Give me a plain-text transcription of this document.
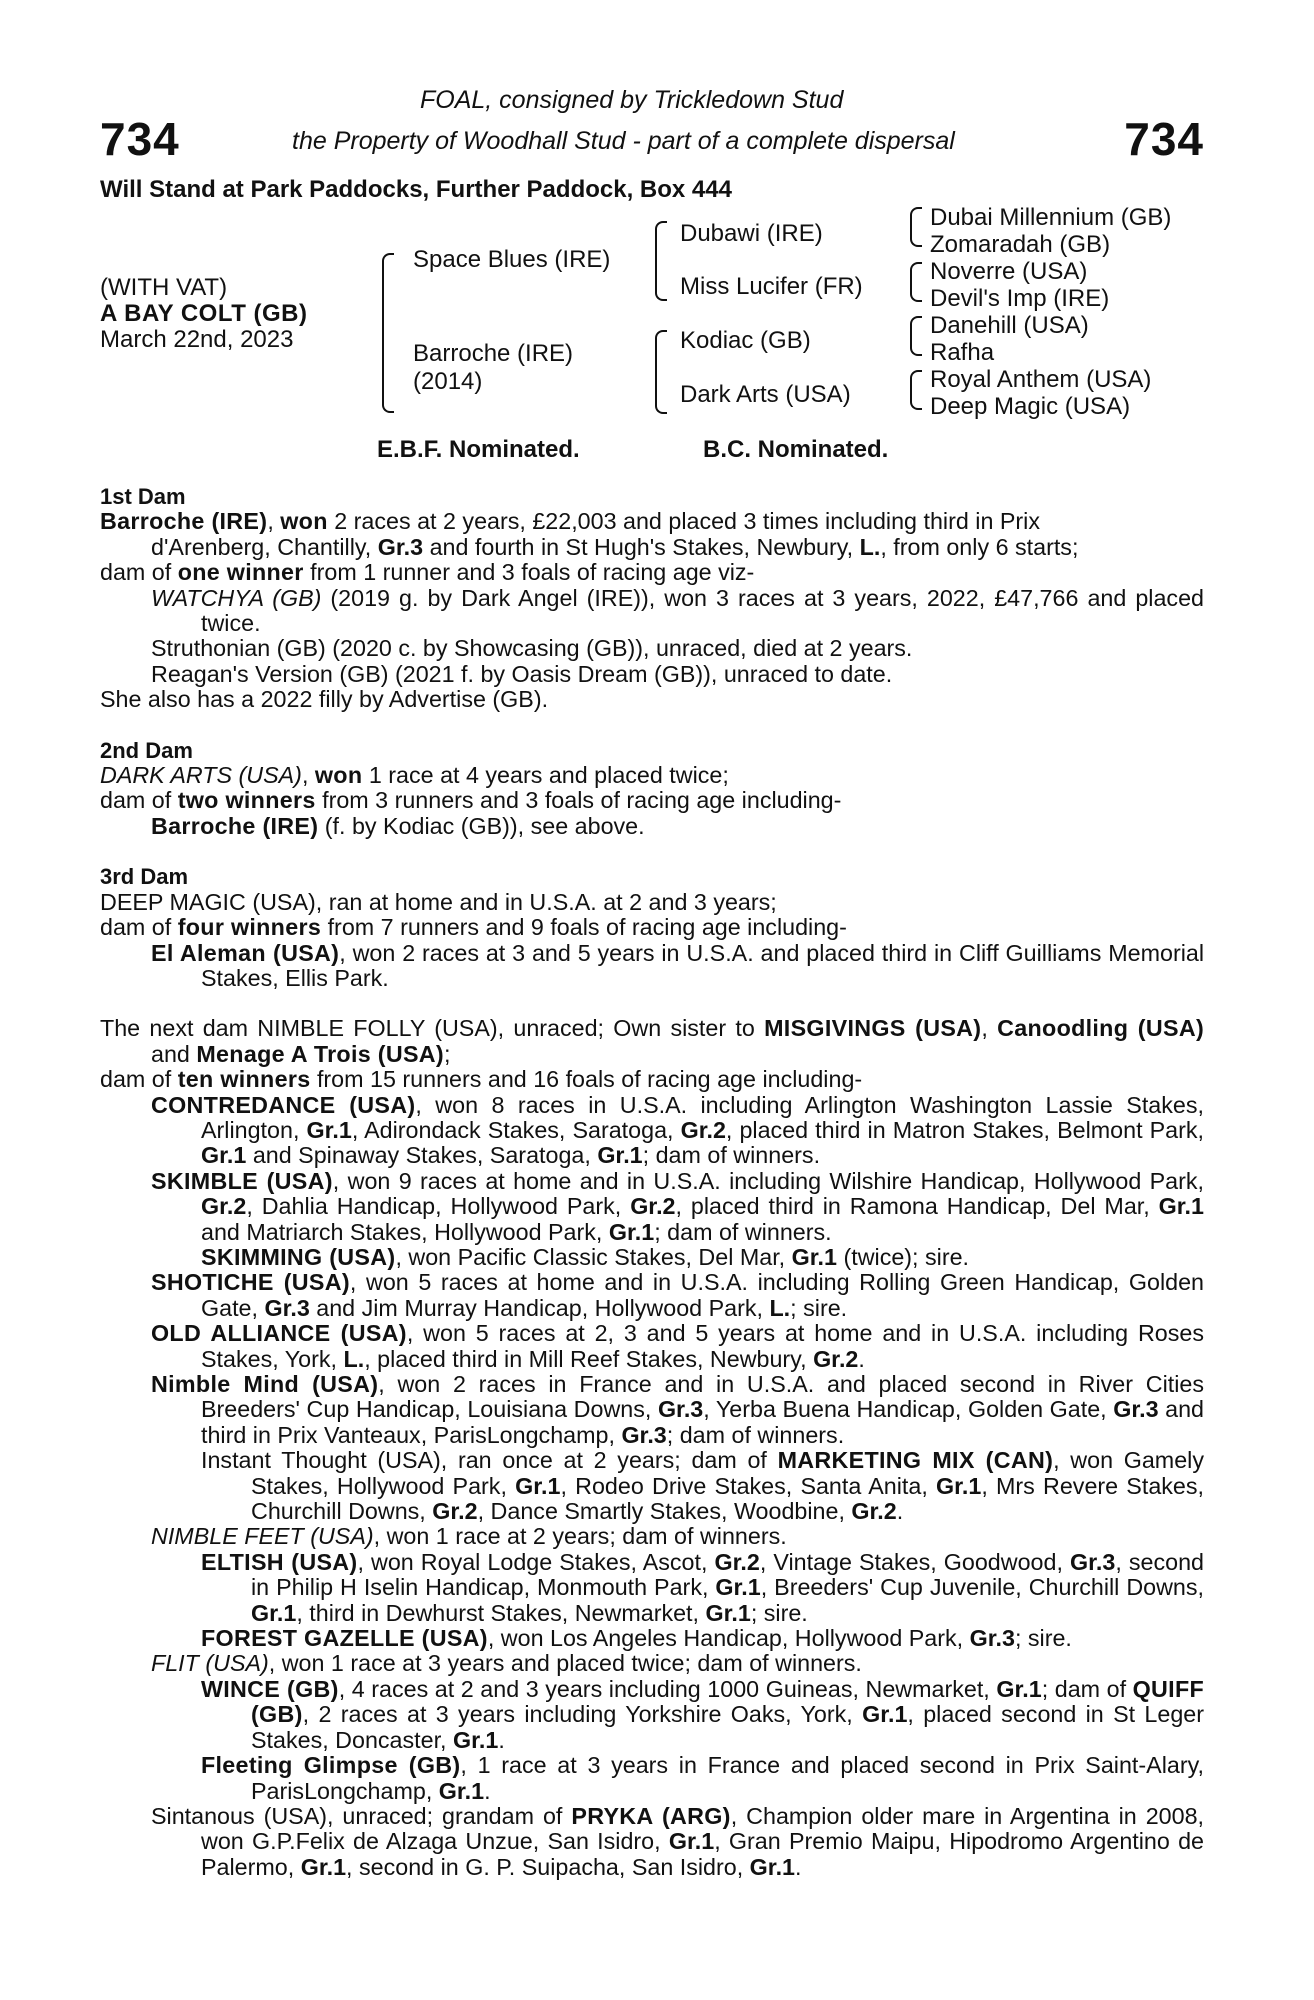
734	734
FOAL, consigned by Trickledown Stud
the Property of Woodhall Stud - part of a complete dispersal
Will Stand at Park Paddocks, Further Paddock, Box 444
(WITH VAT)
A BAY COLT (GB)
March 22nd, 2023
Space Blues (IRE)
Barroche (IRE)
(2014)
Dubawi (IRE)
Miss Lucifer (FR)
Kodiac (GB)
Dark Arts (USA)
Dubai Millennium (GB)
Zomaradah (GB)
Noverre (USA)
Devil's Imp (IRE)
Danehill (USA)
Rafha
Royal Anthem (USA)
Deep Magic (USA)
E.B.F. Nominated.	B.C. Nominated.

1st Dam

Barroche (IRE), won 2 races at 2 years, £22,003 and placed 3 times including third in Prix
d'Arenberg, Chantilly, Gr.3 and fourth in St Hugh's Stakes, Newbury, L., from only 6 starts;

dam of one winner from 1 runner and 3 foals of racing age viz-

WATCHYA (GB) (2019 g. by Dark Angel (IRE)), won 3 races at 3 years, 2022, £47,766 and placed twice.

Struthonian (GB) (2020 c. by Showcasing (GB)), unraced, died at 2 years.

Reagan's Version (GB) (2021 f. by Oasis Dream (GB)), unraced to date.

She also has a 2022 filly by Advertise (GB).

2nd Dam

DARK ARTS (USA), won 1 race at 4 years and placed twice;

dam of two winners from 3 runners and 3 foals of racing age including-

Barroche (IRE) (f. by Kodiac (GB)), see above.

3rd Dam

DEEP MAGIC (USA), ran at home and in U.S.A. at 2 and 3 years;

dam of four winners from 7 runners and 9 foals of racing age including-

El Aleman (USA), won 2 races at 3 and 5 years in U.S.A. and placed third in Cliff Guilliams Memorial Stakes, Ellis Park.

The next dam NIMBLE FOLLY (USA), unraced; Own sister to MISGIVINGS (USA), Canoodling (USA) and Menage A Trois (USA);

dam of ten winners from 15 runners and 16 foals of racing age including-

CONTREDANCE (USA), won 8 races in U.S.A. including Arlington Washington Lassie Stakes, Arlington, Gr.1, Adirondack Stakes, Saratoga, Gr.2, placed third in Matron Stakes, Belmont Park, Gr.1 and Spinaway Stakes, Saratoga, Gr.1; dam of winners.

SKIMBLE (USA), won 9 races at home and in U.S.A. including Wilshire Handicap, Hollywood Park, Gr.2, Dahlia Handicap, Hollywood Park, Gr.2, placed third in Ramona Handicap, Del Mar, Gr.1 and Matriarch Stakes, Hollywood Park, Gr.1; dam of winners.

SKIMMING (USA), won Pacific Classic Stakes, Del Mar, Gr.1 (twice); sire.

SHOTICHE (USA), won 5 races at home and in U.S.A. including Rolling Green Handicap, Golden Gate, Gr.3 and Jim Murray Handicap, Hollywood Park, L.; sire.

OLD ALLIANCE (USA), won 5 races at 2, 3 and 5 years at home and in U.S.A. including Roses Stakes, York, L., placed third in Mill Reef Stakes, Newbury, Gr.2.

Nimble Mind (USA), won 2 races in France and in U.S.A. and placed second in River Cities Breeders' Cup Handicap, Louisiana Downs, Gr.3, Yerba Buena Handicap, Golden Gate, Gr.3 and third in Prix Vanteaux, ParisLongchamp, Gr.3; dam of winners.

Instant Thought (USA), ran once at 2 years; dam of MARKETING MIX (CAN), won Gamely Stakes, Hollywood Park, Gr.1, Rodeo Drive Stakes, Santa Anita, Gr.1, Mrs Revere Stakes, Churchill Downs, Gr.2, Dance Smartly Stakes, Woodbine, Gr.2.

NIMBLE FEET (USA), won 1 race at 2 years; dam of winners.

ELTISH (USA), won Royal Lodge Stakes, Ascot, Gr.2, Vintage Stakes, Goodwood, Gr.3, second in Philip H Iselin Handicap, Monmouth Park, Gr.1, Breeders' Cup Juvenile, Churchill Downs, Gr.1, third in Dewhurst Stakes, Newmarket, Gr.1; sire.

FOREST GAZELLE (USA), won Los Angeles Handicap, Hollywood Park, Gr.3; sire.

FLIT (USA), won 1 race at 3 years and placed twice; dam of winners.

WINCE (GB), 4 races at 2 and 3 years including 1000 Guineas, Newmarket, Gr.1; dam of QUIFF (GB), 2 races at 3 years including Yorkshire Oaks, York, Gr.1, placed second in St Leger Stakes, Doncaster, Gr.1.

Fleeting Glimpse (GB), 1 race at 3 years in France and placed second in Prix Saint-Alary, ParisLongchamp, Gr.1.

Sintanous (USA), unraced; grandam of PRYKA (ARG), Champion older mare in Argentina in 2008, won G.P.Felix de Alzaga Unzue, San Isidro, Gr.1, Gran Premio Maipu, Hipodromo Argentino de Palermo, Gr.1, second in G. P. Suipacha, San Isidro, Gr.1.
